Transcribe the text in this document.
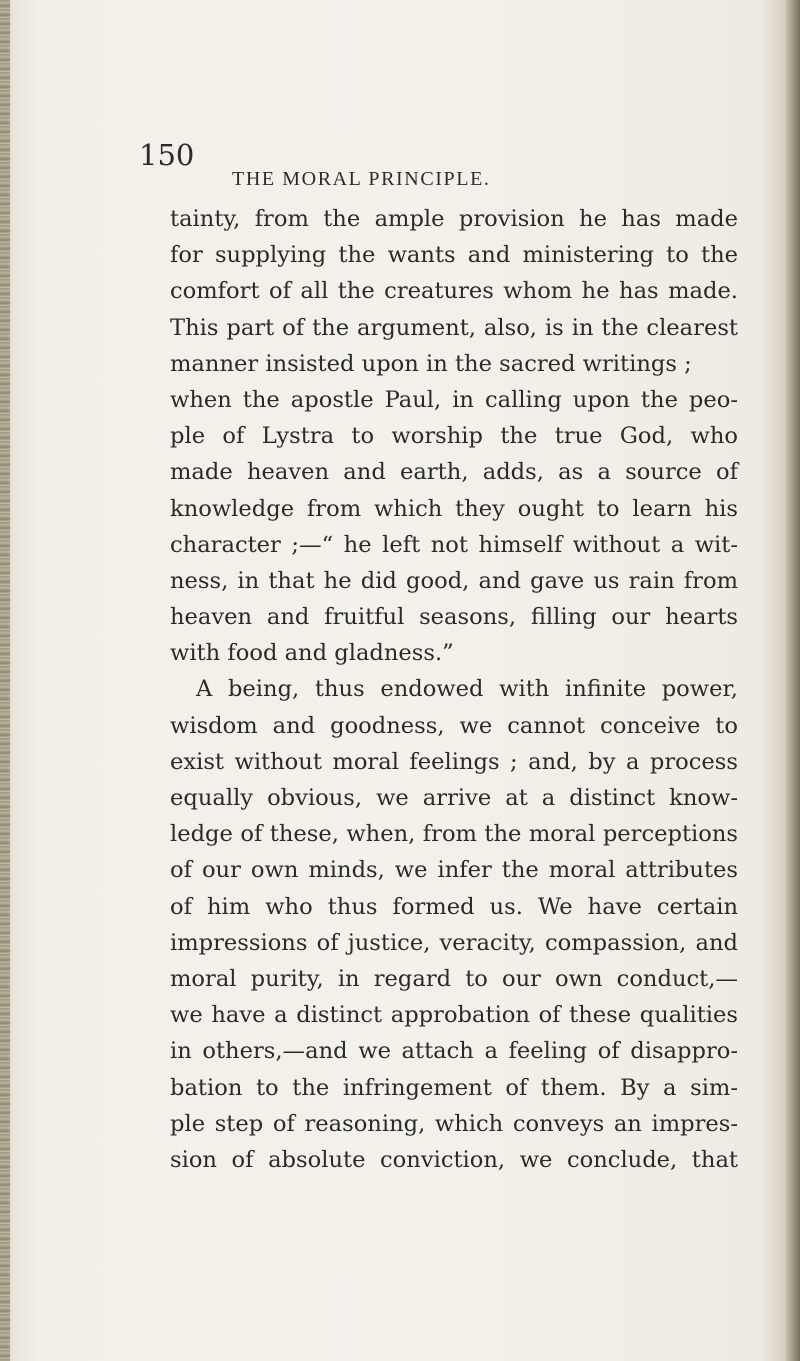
150
THE MORAL PRINCIPLE.
tainty, from the ample provision he has made
for supplying the wants and ministering to the
comfort of all the creatures whom he has made.
This part of the argument, also, is in the clearest
manner insisted upon in the sacred writings ;
when the apostle Paul, in calling upon the peo-
ple of Lystra to worship the true God, who
made heaven and earth, adds, as a source of
knowledge from which they ought to learn his
character ;—“ he left not himself without a wit-
ness, in that he did good, and gave us rain from
heaven and fruitful seasons, filling our hearts
with food and gladness.”
A being, thus endowed with infinite power,
wisdom and goodness, we cannot conceive to
exist without moral feelings ; and, by a process
equally obvious, we arrive at a distinct know-
ledge of these, when, from the moral perceptions
of our own minds, we infer the moral attributes
of him who thus formed us. We have certain
impressions of justice, veracity, compassion, and
moral purity, in regard to our own conduct,—
we have a distinct approbation of these qualities
in others,—and we attach a feeling of disappro-
bation to the infringement of them. By a sim-
ple step of reasoning, which conveys an impres-
sion of absolute conviction, we conclude, that
